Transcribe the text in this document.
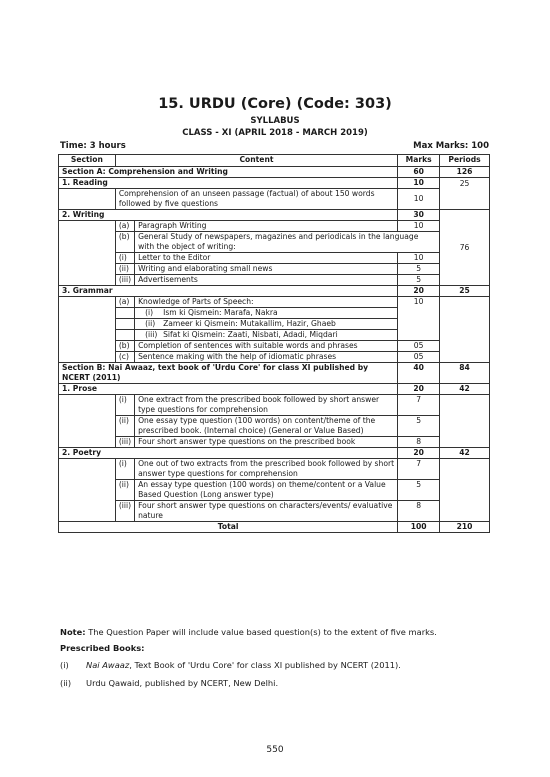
15. URDU (Core) (Code: 303)
SYLLABUS
CLASS - XI (APRIL 2018 - MARCH 2019)
Time: 3 hours	Max Marks: 100
Section	Content		Marks	Periods
Section A: Comprehension and Writing			60	126
1. Reading			10	25
	Comprehension of an unseen passage (factual) of about 150 words followed by five questions		10	
2. Writing			30	76
	(a)	Paragraph Writing	10	
	(b)	General Study of newspapers, magazines and periodicals in the language with the object of writing:		
	(i)	Letter to the Editor	10	
	(ii)	Writing and elaborating small news	5	
	(iii)	Advertisements	5	
3. Grammar			20	25
	(a)	Knowledge of Parts of Speech:	10	
		(i) Ism ki Qismein: Marafa, Nakra		
		(ii) Zameer ki Qismein: Mutakallim, Hazir, Ghaeb		
		(iii) Sifat ki Qismein: Zaati, Nisbati, Adadi, Miqdari		
	(b)	Completion of sentences with suitable words and phrases	05	
	(c)	Sentence making with the help of idiomatic phrases	05	
Section B: Nai Awaaz, text book of 'Urdu Core' for class XI published by NCERT (2011)			40	84
1. Prose			20	42
	(i)	One extract from the prescribed book followed by short answer type questions for comprehension	7	
	(ii)	One essay type question (100 words) on content/theme of the prescribed book. (Internal choice) (General or Value Based)	5	
	(iii)	Four short answer type questions on the prescribed book	8	
2. Poetry			20	42
	(i)	One out of two extracts from the prescribed book followed by short answer type questions for comprehension	7	
	(ii)	An essay type question (100 words) on theme/content or a Value Based Question (Long answer type)	5	
	(iii)	Four short answer type questions on characters/events/ evaluative nature	8	
Total			100	210
Note: The Question Paper will include value based question(s) to the extent of five marks.
Prescribed Books:
(i) Nai Awaaz, Text Book of 'Urdu Core' for class XI published by NCERT (2011).
(ii) Urdu Qawaid, published by NCERT, New Delhi.
550
